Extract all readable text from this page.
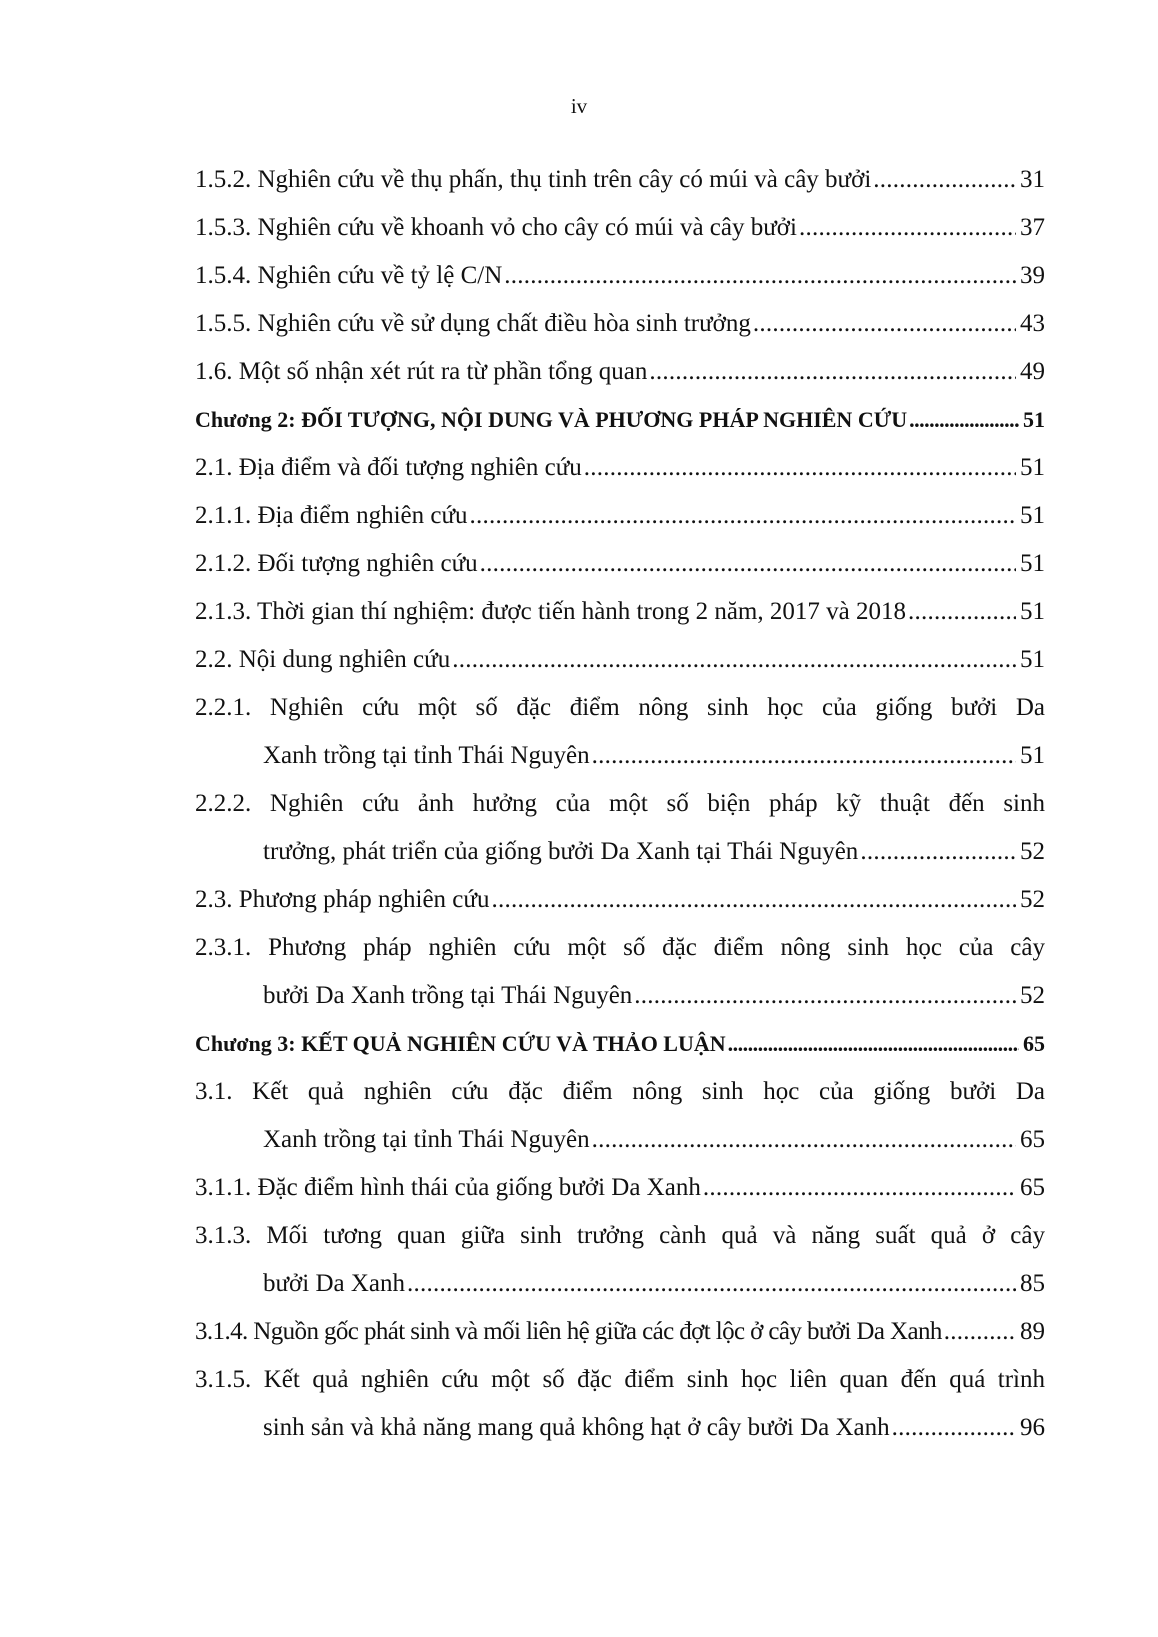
iv
1.5.2. Nghiên cứu về thụ phấn, thụ tinh trên cây có múi và cây bưởi . . .	31
1.5.3. Nghiên cứu về khoanh vỏ cho cây có múi và cây bưởi . . .	37
1.5.4. Nghiên cứu về tỷ lệ C/N . . .	39
1.5.5. Nghiên cứu về sử dụng chất điều hòa sinh trưởng . . .	43
1.6. Một số nhận xét rút ra từ phần tổng quan . . .	49
Chương 2: ĐỐI TƯỢNG, NỘI DUNG VÀ PHƯƠNG PHÁP NGHIÊN CỨU . . .	51
2.1. Địa điểm và đối tượng nghiên cứu . . .	51
2.1.1. Địa điểm nghiên cứu . . .	51
2.1.2. Đối tượng nghiên cứu . . .	51
2.1.3. Thời gian thí nghiệm: được tiến hành trong 2 năm, 2017 và 2018 . . .	51
2.2. Nội dung nghiên cứu . . .	51
2.2.1. Nghiên cứu một số đặc điểm nông sinh học của giống bưởi Da
Xanh trồng tại tỉnh Thái Nguyên . . .	51
2.2.2. Nghiên cứu ảnh hưởng của một số biện pháp kỹ thuật đến sinh
trưởng, phát triển của giống bưởi Da Xanh tại Thái Nguyên . . .	52
2.3. Phương pháp nghiên cứu . . .	52
2.3.1. Phương pháp nghiên cứu một số đặc điểm nông sinh học của cây
bưởi Da Xanh trồng tại Thái Nguyên . . .	52
Chương 3: KẾT QUẢ NGHIÊN CỨU VÀ THẢO LUẬN . . .	65
3.1. Kết quả nghiên cứu đặc điểm nông sinh học của giống bưởi Da
Xanh trồng tại tỉnh Thái Nguyên . . .	65
3.1.1. Đặc điểm hình thái của giống bưởi Da Xanh . . .	65
3.1.3. Mối tương quan giữa sinh trưởng cành quả và năng suất quả ở cây
bưởi Da Xanh . . .	85
3.1.4. Nguồn gốc phát sinh và mối liên hệ giữa các đợt lộc ở cây bưởi Da Xanh . . .	89
3.1.5. Kết quả nghiên cứu một số đặc điểm sinh học liên quan đến quá trình
sinh sản và khả năng mang quả không hạt ở cây bưởi Da Xanh . . .	96
